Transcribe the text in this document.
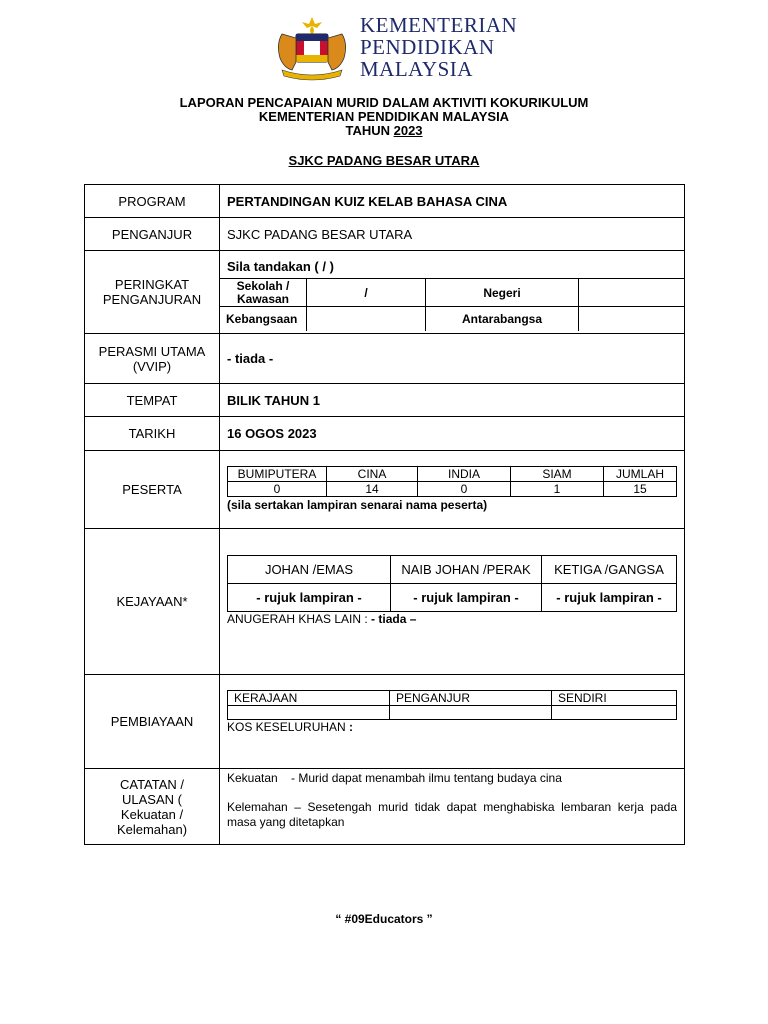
KEMENTERIAN
PENDIDIKAN
MALAYSIA
LAPORAN PENCAPAIAN MURID DALAM AKTIVITI KOKURIKULUM
KEMENTERIAN PENDIDIKAN MALAYSIA
TAHUN 2023
SJKC PADANG BESAR UTARA
PROGRAM	PERTANDINGAN KUIZ KELAB BAHASA CINA
PENGANJUR	SJKC PADANG BESAR UTARA
PERINGKAT PENGANJURAN	
Sila tandakan ( / )
Sekolah / Kawasan	/	Negeri	
Kebangsaan		Antarabangsa	

PERASMI UTAMA (VVIP)	- tiada -
TEMPAT	BILIK TAHUN 1
TARIKH	16 OGOS 2023
PESERTA	
BUMIPUTERA	CINA	INDIA	SIAM	JUMLAH
0	14	0	1	15
(sila sertakan lampiran senarai nama peserta)

KEJAYAAN*	
JOHAN /EMAS	NAIB JOHAN /PERAK	KETIGA /GANGSA
- rujuk lampiran -	- rujuk lampiran -	- rujuk lampiran -
ANUGERAH KHAS LAIN : - tiada –

PEMBIAYAAN	
KERAJAAN	PENGANJUR	SENDIRI

KOS KESELURUHAN :

CATATAN / ULASAN ( Kekuatan / Kelemahan)	
Kekuatan    - Murid dapat menambah ilmu tentang budaya cina
Kelemahan – Sesetengah murid tidak dapat menghabiska lembaran kerja pada masa yang ditetapkan
“ #09Educators ”
